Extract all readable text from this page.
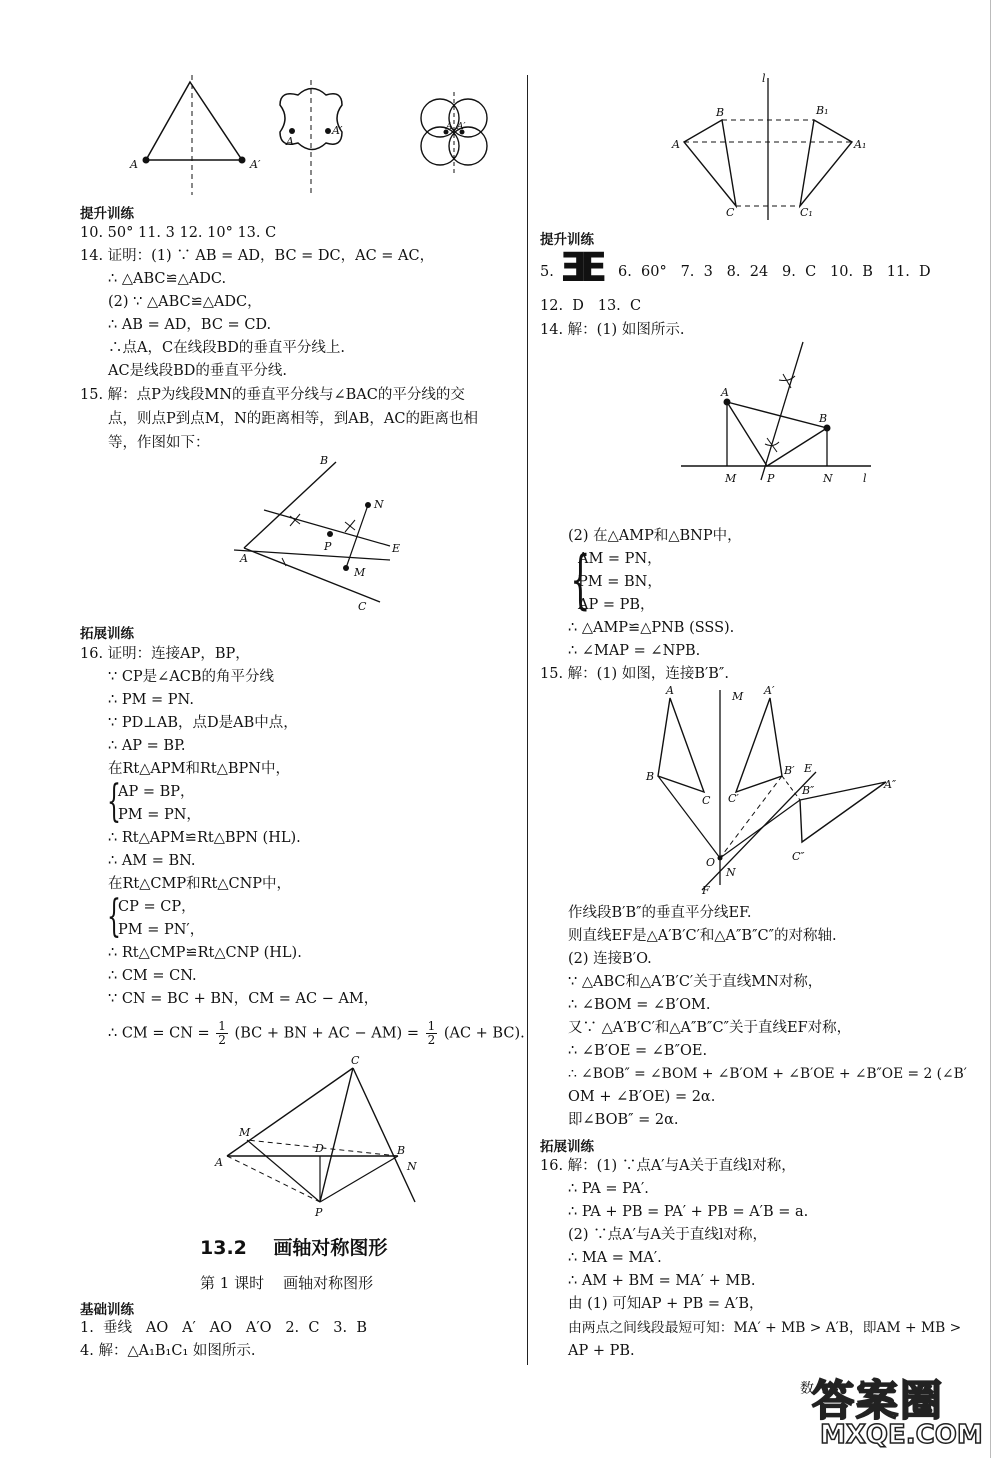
A	A′
A
A′	A A′
提升训练
10. 50° 11. 3 12. 10° 13. C
14. 证明：(1) ∵ AB = AD，BC = DC，AC = AC，
∴ △ABC≌△ADC.
(2) ∵ △ABC≌△ADC，
∴ AB = AD，BC = CD.
∴点A，C在线段BD的垂直平分线上.
AC是线段BD的垂直平分线.
15. 解：点P为线段MN的垂直平分线与∠BAC的平分线的交
点，则点P到点M，N的距离相等，到AB，AC的距离也相
等，作图如下：
B
N
P	E
A
M
C
拓展训练
16. 证明：连接AP，BP，
∵ CP是∠ACB的角平分线
∴ PM = PN.
∵ PD⊥AB，点D是AB中点，
∴ AP = BP.
在Rt△APM和Rt△BPN中，
{
AP = BP，
PM = PN，
∴ Rt△APM≌Rt△BPN (HL).
∴ AM = BN.
在Rt△CMP和Rt△CNP中，
{
CP = CP，
PM = PN′，
∴ Rt△CMP≌Rt△CNP (HL).
∴ CM = CN.
∵ CN = BC + BN，CM = AC − AM，
∴ CM = CN = $\frac{1}{2} (BC$ + BN + AC − $AM) = \frac{1}{2} (AC + BC)$.
C
M
D	B
A	N
P
13.2    画轴对称图形
第 1 课时    画轴对称图形
基础训练
1.  垂线   AO   A′   AO   A′O   2.  C   3.  B
4. 解：△A₁B₁C₁ 如图所示.
l
B	B₁
A	A₁
C	C₁
提升训练
5. E
E 6.  60°   7.  3   8.  24   9.  C   10.  B   11.  D
12.  D   13.  C
14. 解：(1) 如图所示.
A
B
M	P	N	l
(2) 在△AMP和△BNP中，
{
AM = PN，
PM = BN，
AP = PB，
∴ △AMP≌△PNB (SSS).
∴ ∠MAP = ∠NPB.
15. 解：(1) 如图，连接B′B″.
A	M A′
B
C C′
B′ E
B″	A″
C″
O
N
F
作线段B′B″的垂直平分线EF.
则直线EF是△A′B′C′和△A″B″C″的对称轴.
(2) 连接B′O.
∵ △ABC和△A′B′C′关于直线MN对称，
∴ ∠BOM = ∠B′OM.
又∵ △A′B′C′和△A″B″C″关于直线EF对称，
∴ ∠B′OE = ∠B″OE.
∴ ∠BOB″ = ∠BOM + ∠B′OM + ∠B′OE + ∠B″OE = 2 (∠B′
OM + ∠B′OE) = 2α.
即∠BOB″ = 2α.
拓展训练
16. 解：(1) ∵点A′与A关于直线l对称，
∴ PA = PA′.
∴ PA + PB = PA′ + PB = A′B = a.
(2) ∵点A′与A关于直线l对称，
∴ MA = MA′.
∴ AM + BM = MA′ + MB.
由 (1) 可知AP + PB = A′B，
由两点之间线段最短可知：MA′ + MB > A′B，即AM + MB >
AP + PB.
数
答案圈
MXQE.COM
